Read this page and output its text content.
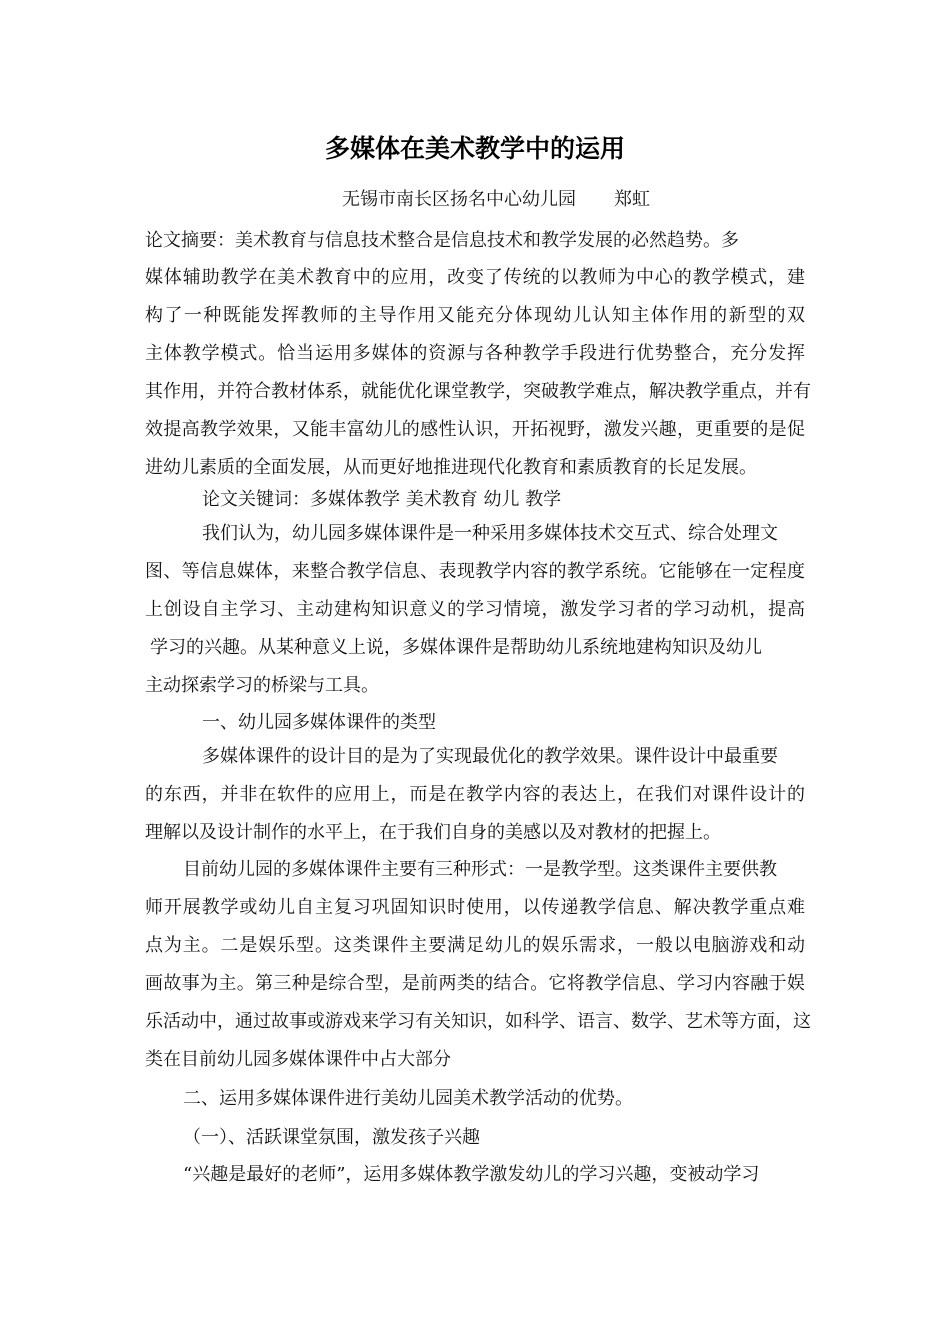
多媒体在美术教学中的运用
无锡市南长区扬名中心幼儿园 郑虹
论文摘要：美术教育与信息技术整合是信息技术和教学发展的必然趋势。多
媒体辅助教学在美术教育中的应用，改变了传统的以教师为中心的教学模式，建
构了一种既能发挥教师的主导作用又能充分体现幼儿认知主体作用的新型的双
主体教学模式。恰当运用多媒体的资源与各种教学手段进行优势整合，充分发挥
其作用，并符合教材体系，就能优化课堂教学，突破教学难点，解决教学重点，并有
效提高教学效果，又能丰富幼儿的感性认识，开拓视野，激发兴趣，更重要的是促
进幼儿素质的全面发展，从而更好地推进现代化教育和素质教育的长足发展。
论文关键词：多媒体教学 美术教育 幼儿 教学
我们认为，幼儿园多媒体课件是一种采用多媒体技术交互式、综合处理文
图、等信息媒体，来整合教学信息、表现教学内容的教学系统。它能够在一定程度
上创设自主学习、主动建构知识意义的学习情境，激发学习者的学习动机，提高
学习的兴趣。从某种意义上说，多媒体课件是帮助幼儿系统地建构知识及幼儿
主动探索学习的桥梁与工具。
一、幼儿园多媒体课件的类型
多媒体课件的设计目的是为了实现最优化的教学效果。课件设计中最重要
的东西，并非在软件的应用上，而是在教学内容的表达上，在我们对课件设计的
理解以及设计制作的水平上，在于我们自身的美感以及对教材的把握上。
目前幼儿园的多媒体课件主要有三种形式：一是教学型。这类课件主要供教
师开展教学或幼儿自主复习巩固知识时使用，以传递教学信息、解决教学重点难
点为主。二是娱乐型。这类课件主要满足幼儿的娱乐需求，一般以电脑游戏和动
画故事为主。第三种是综合型，是前两类的结合。它将教学信息、学习内容融于娱
乐活动中，通过故事或游戏来学习有关知识，如科学、语言、数学、艺术等方面，这
类在目前幼儿园多媒体课件中占大部分
二、运用多媒体课件进行美幼儿园美术教学活动的优势。
（一）、活跃课堂氛围，激发孩子兴趣
“兴趣是最好的老师”，运用多媒体教学激发幼儿的学习兴趣，变被动学习
